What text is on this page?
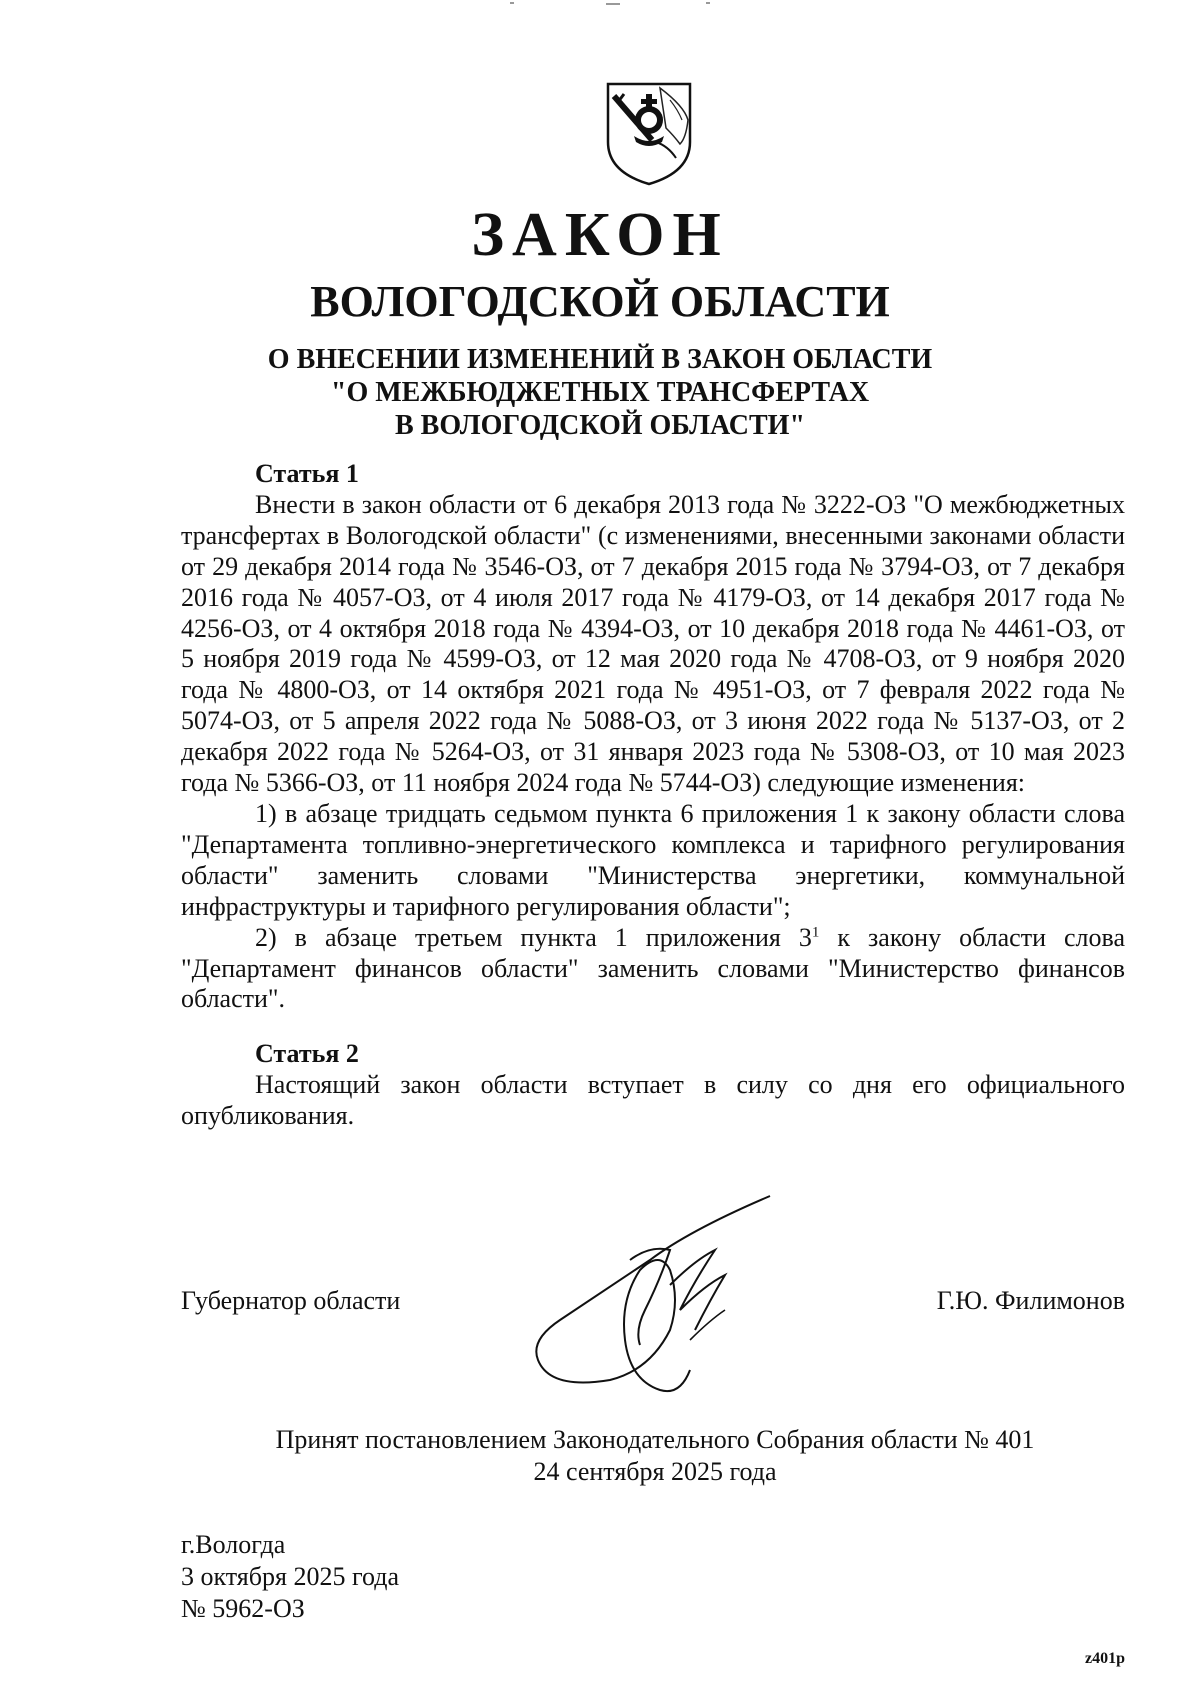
ЗАКОН
ВОЛОГОДСКОЙ ОБЛАСТИ
О ВНЕСЕНИИ ИЗМЕНЕНИЙ В ЗАКОН ОБЛАСТИ
"О МЕЖБЮДЖЕТНЫХ ТРАНСФЕРТАХ
В ВОЛОГОДСКОЙ ОБЛАСТИ"

Статья 1

Внести в закон области от 6 декабря 2013 года № 3222-ОЗ "О межбюджетных трансфертах в Вологодской области" (с изменениями, внесенными законами области от 29 декабря 2014 года № 3546-ОЗ, от 7 декабря 2015 года № 3794-ОЗ, от 7 декабря 2016 года № 4057-ОЗ, от 4 июля 2017 года № 4179-ОЗ, от 14 декабря 2017 года № 4256-ОЗ, от 4 октября 2018 года № 4394-ОЗ, от 10 декабря 2018 года № 4461-ОЗ, от 5 ноября 2019 года № 4599-ОЗ, от 12 мая 2020 года № 4708-ОЗ, от 9 ноября 2020 года № 4800-ОЗ, от 14 октября 2021 года № 4951-ОЗ, от 7 февраля 2022 года № 5074-ОЗ, от 5 апреля 2022 года № 5088-ОЗ, от 3 июня 2022 года № 5137-ОЗ, от 2 декабря 2022 года № 5264-ОЗ, от 31 января 2023 года № 5308-ОЗ, от 10 мая 2023 года № 5366-ОЗ, от 11 ноября 2024 года № 5744-ОЗ) следующие изменения:

1) в абзаце тридцать седьмом пункта 6 приложения 1 к закону области слова "Департамента топливно-энергетического комплекса и тарифного регулирования области" заменить словами "Министерства энергетики, коммунальной инфраструктуры и тарифного регулирования области";

2) в абзаце третьем пункта 1 приложения $3^1$ к закону области слова "Департамент финансов области" заменить словами "Министерство финансов области".

Статья 2

Настоящий закон области вступает в силу со дня его официального опубликования.

Губернатор области	Г.Ю. Филимонов
Принят постановлением Законодательного Собрания области № 401
24 сентября 2025 года
г.Вологда
3 октября 2025 года
№ 5962-ОЗ
z401p
